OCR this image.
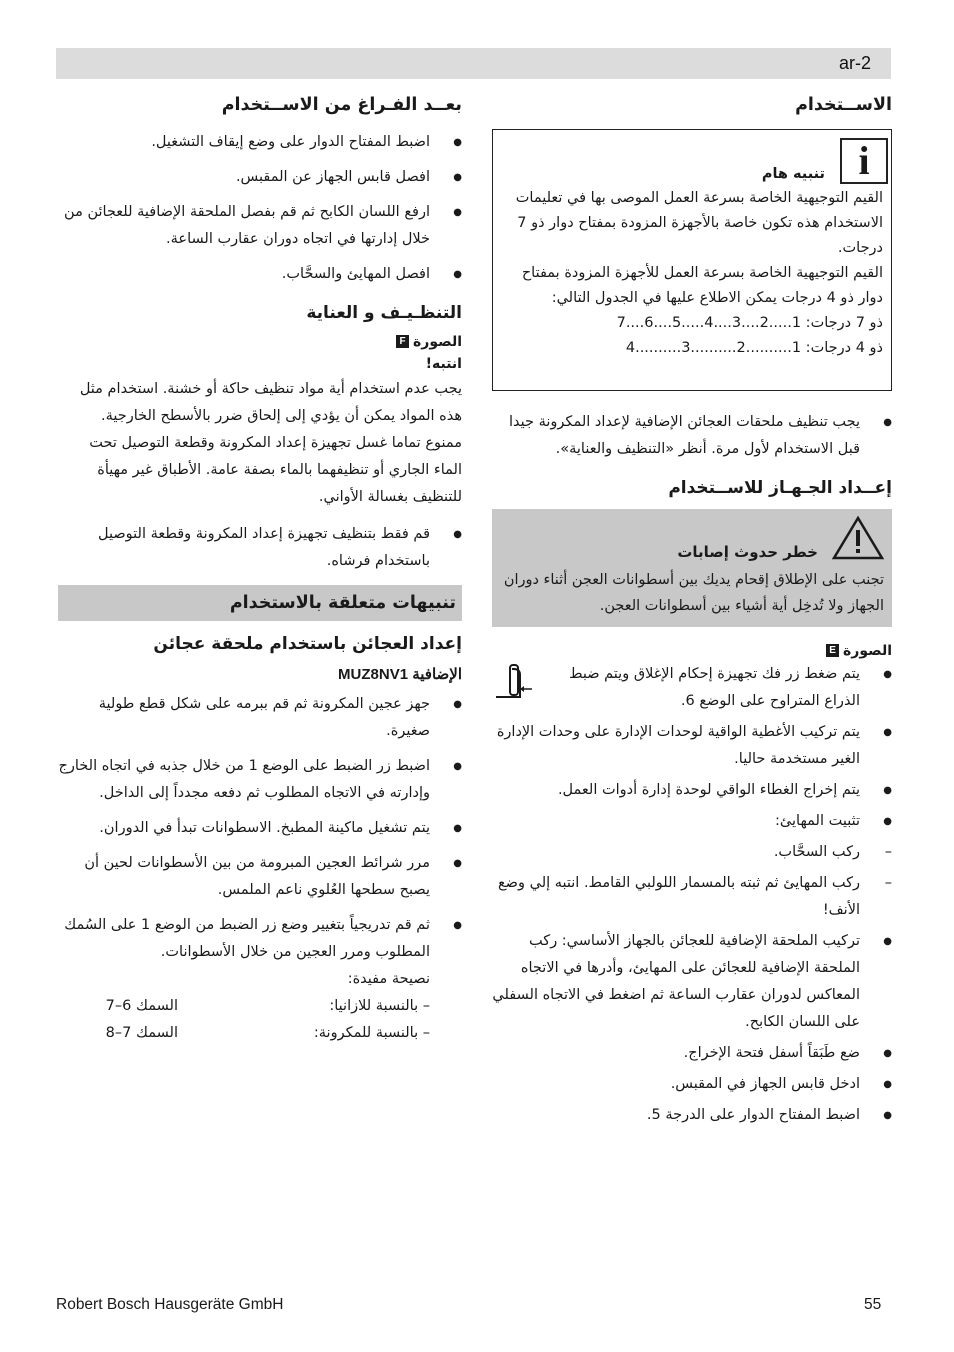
ar-2
الاســتخدام
i
تنبيه هام

القيم التوجيهية الخاصة بسرعة العمل الموصى بها في تعليمات الاستخدام هذه تكون خاصة بالأجهزة المزودة بمفتاح دوار ذو 7 درجات.

القيم التوجيهية الخاصة بسرعة العمل للأجهزة المزودة بمفتاح دوار ذو 4 درجات يمكن الاطلاع عليها في الجدول التالي:

ذو 7 درجات: 1.....2....3....4.....5....6....7

ذو 4 درجات: 1..........2..........3..........4

● يجب تنظيف ملحقات العجائن الإضافية لإعداد المكرونة جيدا قبل الاستخدام لأول مرة. أنظر «التنظيف والعناية».
إعــداد الجـهـاز للاســتخدام
خطر حدوث إصابات

تجنب على الإطلاق إقحام يديك بين أسطوانات العجن أثناء دوران الجهاز ولا تُدخِل أية أشياء بين أسطوانات العجن.

الصورة
E
● يتم ضغط زر فك تجهيزة إحكام الإغلاق ويتم ضبط الذراع المتراوح على الوضع 6.
● يتم تركيب الأغطية الواقية لوحدات الإدارة على وحدات الإدارة الغير مستخدمة حاليا.
● يتم إخراج الغطاء الواقي لوحدة إدارة أدوات العمل.
● تثبيت المهايئ:
– ركب السحَّاب.
– ركب المهايئ ثم ثبته بالمسمار اللولبي القامط. انتبه إلي وضع الأنف!
● تركيب الملحقة الإضافية للعجائن بالجهاز الأساسي: ركب الملحقة الإضافية للعجائن على المهايئ، وأدرها في الاتجاه المعاكس لدوران عقارب الساعة ثم اضغط في الاتجاه السفلي على اللسان الكابح.
● ضع طَبَقاً أسفل فتحة الإخراج.
● ادخل قابس الجهاز في المقبس.
● اضبط المفتاح الدوار على الدرجة 5.
بعــد الفـراغ من الاســتخدام
● اضبط المفتاح الدوار على وضع إيقاف التشغيل.
● افصل قابس الجهاز عن المقبس.
● ارفع اللسان الكابح ثم قم بفصل الملحقة الإضافية للعجائن من خلال إدارتها في اتجاه دوران عقارب الساعة.
● افصل المهايئ والسحَّاب.
التنظـيـف و العناية
الصورة
F
انتبه!

يجب عدم استخدام أية مواد تنظيف حاكة أو خشنة. استخدام مثل هذه المواد يمكن أن يؤدي إلى إلحاق ضرر بالأسطح الخارجية.

ممنوع تماما غسل تجهيزة إعداد المكرونة وقطعة التوصيل تحت الماء الجاري أو تنظيفهما بالماء بصفة عامة. الأطباق غير مهيأة للتنظيف بغسالة الأواني.

● قم فقط بتنظيف تجهيزة إعداد المكرونة وقطعة التوصيل باستخدام فرشاه.
تنبيهات متعلقة بالاستخدام
إعداد العجائن باستخدام ملحقة عجائن
الإضافية MUZ8NV1
● جهز عجين المكرونة ثم قم ببرمه على شكل قطع طولية صغيرة.
● اضبط زر الضبط على الوضع 1 من خلال جذبه في اتجاه الخارج وإدارته في الاتجاه المطلوب ثم دفعه مجدداً إلى الداخل.
● يتم تشغيل ماكينة المطبخ. الاسطوانات تبدأ في الدوران.
● مرر شرائط العجين المبرومة من بين الأسطوانات لحين أن يصبح سطحها العُلوي ناعم الملمس.
● ثم قم تدريجياً بتغيير وضع زر الضبط من الوضع 1 على السُمك المطلوب ومرر العجين من خلال الأسطوانات.
نصيحة مفيدة:
– بالنسبة للازانيا:
السمك 6–7
– بالنسبة للمكرونة:
السمك 7–8
Robert Bosch Hausgeräte GmbH	55
